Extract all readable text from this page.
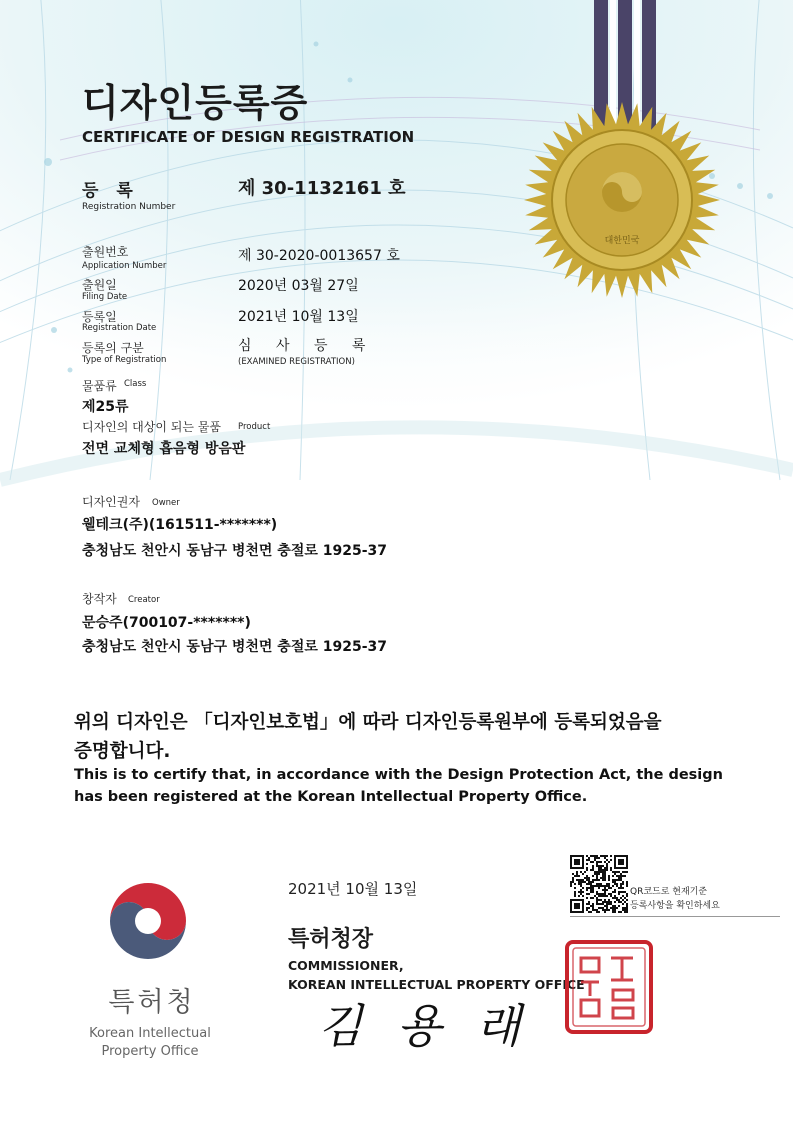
대한민국
디자인등록증
CERTIFICATE OF DESIGN REGISTRATION
등 록
Registration Number
제 30-1132161 호
출원번호
Application Number
제 30-2020-0013657 호
출원일
Filing Date
2020년 03월 27일
등록일
Registration Date
2021년 10월 13일
등록의 구분
Type of Registration
심 사 등 록
(EXAMINED REGISTRATION)
물품류 Class
제25류
디자인의 대상이 되는 물품 Product
전면 교체형 흡음형 방음판
디자인권자 Owner
웰테크(주)(161511-*******)
충청남도 천안시 동남구 병천면 충절로 1925-37
창작자 Creator
문승주(700107-*******)
충청남도 천안시 동남구 병천면 충절로 1925-37
위의 디자인은 「디자인보호법」에 따라 디자인등록원부에 등록되었음을
증명합니다.
This is to certify that, in accordance with the Design Protection Act, the design
has been registered at the Korean Intellectual Property Office.
특허청
Korean Intellectual
Property Office
2021년 10월 13일
특허청장
COMMISSIONER,
KOREAN INTELLECTUAL PROPERTY OFFICE
김 용 래
QR코드로 현재기준
등록사항을 확인하세요
